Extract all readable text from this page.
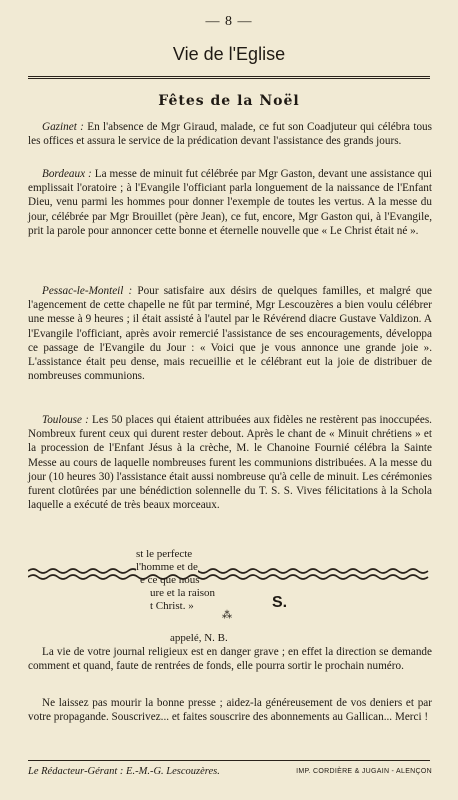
— 8 —
Vie de l'Eglise
Fêtes de la Noël
Gazinet : En l'absence de Mgr Giraud, malade, ce fut son Coadjuteur qui célébra tous les offices et assura le service de la prédication devant l'assistance des grands jours.
Bordeaux : La messe de minuit fut célébrée par Mgr Gaston, devant une assistance qui emplissait l'oratoire ; à l'Evangile l'officiant parla longuement de la naissance de l'Enfant Dieu, venu parmi les hommes pour donner l'exemple de toutes les vertus. A la messe du jour, célébrée par Mgr Brouillet (père Jean), ce fut, encore, Mgr Gaston qui, à l'Evangile, prit la parole pour annoncer cette bonne et éternelle nouvelle que « Le Christ était né ».
Pessac-le-Monteil : Pour satisfaire aux désirs de quelques familles, et malgré que l'agencement de cette chapelle ne fût par terminé, Mgr Lescouzères a bien voulu célébrer une messe à 9 heures ; il était assisté à l'autel par le Révérend diacre Gustave Valdizon. A l'Evangile l'officiant, après avoir remercié l'assistance de ses encouragements, développa ce passage de l'Evangile du Jour : « Voici que je vous annonce une grande joie ». L'assistance était peu dense, mais recueillie et le célébrant eut la joie de distribuer de nombreuses communions.
Toulouse : Les 50 places qui étaient attribuées aux fidèles ne restèrent pas inoccupées. Nombreux furent ceux qui durent rester debout. Après le chant de « Minuit chrétiens » et la procession de l'Enfant Jésus à la crèche, M. le Chanoine Fournié célébra la Sainte Messe au cours de laquelle nombreuses furent les communions distribuées. A la messe du jour (10 heures 30) l'assistance était aussi nombreuse qu'à celle de minuit. Les cérémonies furent clotûrées par une bénédiction solennelle du T. S. S. Vives félicitations à la Schola laquelle a exécuté de très beaux morceaux.
st le perfecte
l'homme et de
e ce que nous
ure et la raison
t Christ. »	S.
⁂
appelé, N. B.
La vie de votre journal religieux est en danger grave ; en effet la direction se demande comment et quand, faute de rentrées de fonds, elle pourra sortir le prochain numéro.
Ne laissez pas mourir la bonne presse ; aidez-la généreusement de vos deniers et par votre propagande. Souscrivez... et faites souscrire des abonnements au Gallican... Merci !
Le Rédacteur-Gérant : E.-M.-G. Lescouzères.	IMP. CORDIÈRE & JUGAIN - ALENÇON
